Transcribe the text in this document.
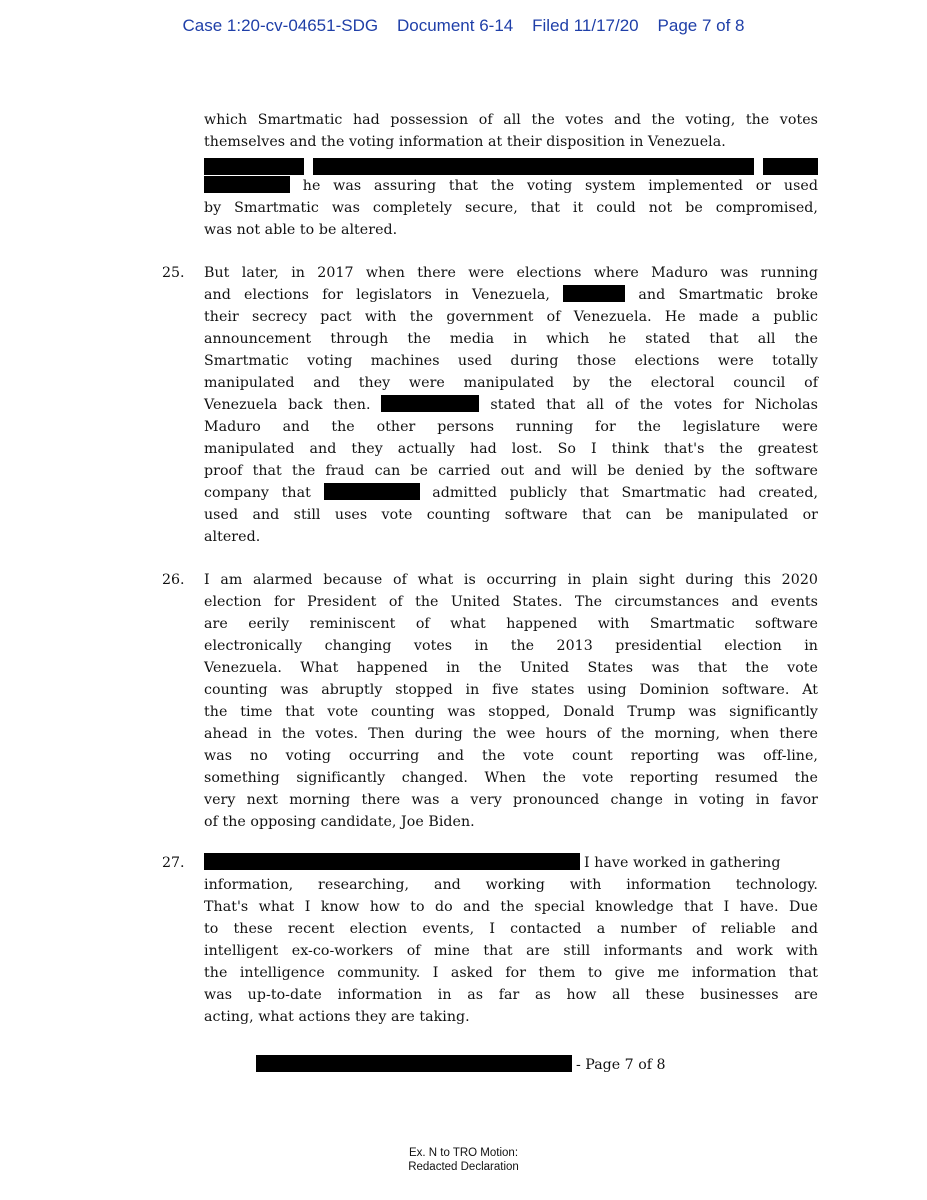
Case 1:20-cv-04651-SDG Document 6-14 Filed 11/17/20 Page 7 of 8
which Smartmatic had possession of all the votes and the voting, the votes
themselves and the voting information at their disposition in Venezuela.
he was assuring that the voting system implemented or used
by Smartmatic was completely secure, that it could not be compromised,
was not able to be altered.
25. But later, in 2017 when there were elections where Maduro was running
and elections for legislators in Venezuela,	and Smartmatic broke
their secrecy pact with the government of Venezuela. He made a public
announcement through the media in which he stated that all the
Smartmatic voting machines used during those elections were totally
manipulated and they were manipulated by the electoral council of
Venezuela back then.	stated that all of the votes for Nicholas
Maduro and the other persons running for the legislature were
manipulated and they actually had lost. So I think that's the greatest
proof that the fraud can be carried out and will be denied by the software
company that	admitted publicly that Smartmatic had created,
used and still uses vote counting software that can be manipulated or
altered.
26. I am alarmed because of what is occurring in plain sight during this 2020
election for President of the United States. The circumstances and events
are eerily reminiscent of what happened with Smartmatic software
electronically changing votes in the 2013 presidential election in
Venezuela. What happened in the United States was that the vote
counting was abruptly stopped in five states using Dominion software. At
the time that vote counting was stopped, Donald Trump was significantly
ahead in the votes. Then during the wee hours of the morning, when there
was no voting occurring and the vote count reporting was off-line,
something significantly changed. When the vote reporting resumed the
very next morning there was a very pronounced change in voting in favor
of the opposing candidate, Joe Biden.
27.	I have worked in gathering
information, researching, and working with information technology.
That's what I know how to do and the special knowledge that I have. Due
to these recent election events, I contacted a number of reliable and
intelligent ex-co-workers of mine that are still informants and work with
the intelligence community. I asked for them to give me information that
was up-to-date information in as far as how all these businesses are
acting, what actions they are taking.
- Page 7 of 8
Ex. N to TRO Motion:
Redacted Declaration
